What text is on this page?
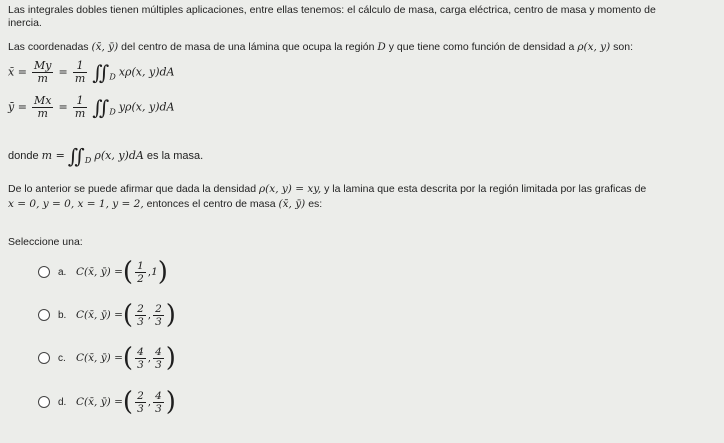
Las integrales dobles tienen múltiples aplicaciones, entre ellas tenemos: el cálculo de masa, carga eléctrica, centro de masa y momento de
inercia.
Las coordenadas (x̄, ȳ) del centro de masa de una lámina que ocupa la región D y que tiene como función de densidad a ρ(x, y) son:
x̄ = $\frac{My}{m} = \frac{1}{m}$ $∬_D$ xρ(x, y)dA
ȳ = $\frac{Mx}{m} = \frac{1}{m}$ $∬_D$ yρ(x, y)dA
donde $m = ∬_D$ ρ(x, y)dA es la masa.
De lo anterior se puede afirmar que dada la densidad ρ(x, y) = xy, y la lamina que esta descrita por la región limitada por las graficas de
x = 0, y = 0, x = 1, y = 2, entonces el centro de masa (x̄, ȳ) es:
Seleccione una:
a. C(x̄, ȳ) = ( $\frac{1}{2}$ , 1 )
b. C(x̄, ȳ) = ( $\frac{2}{3}$ , $\frac{2}{3}$ )
c. C(x̄, ȳ) = ( $\frac{4}{3}$ , $\frac{4}{3}$ )
d. C(x̄, ȳ) = ( $\frac{2}{3}$ , $\frac{4}{3}$ )
